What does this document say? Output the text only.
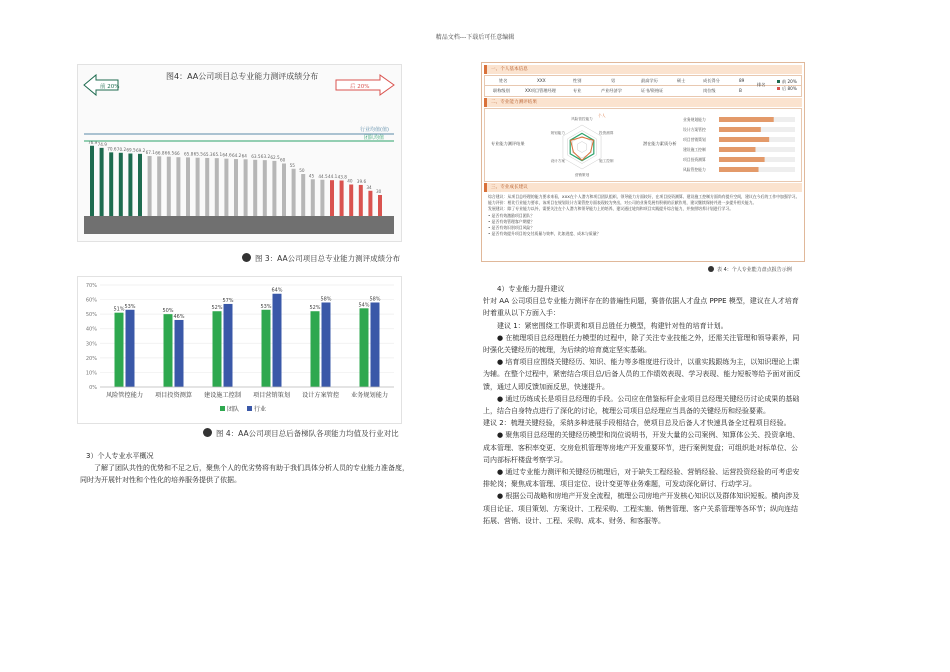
精品文档---下载后可任意编辑
前 20%
图4：AA公司项目总专业能力测评成绩分布
后 20%
76.9 74.9
70.6 70.2 69.5 69.2 67.1 66.8 66.5 66 65.8 65.5 65.3 65.1 64.6 64.2 64 63.5 63.2 62.5
60
55
50
45 44.5 44.1 43.8
40 39.6
34
30
行业均值(值)
团队均值
图 3：AA公司项目总专业能力测评成绩分布
0%
10%
20%
30%
40%
50%
60%
70%
51% 53%
风险管控能力
50%
46%
项目投资测算
52%
57%
建设施工控制
53%
64%
项目营销策划
52%
58%
设计方案管控
54%
58%
业务规划能力
团队 行业
图 4：AA公司项目总后备梯队各项能力均值及行业对比

3）个人专业水平概况

了解了团队共性的优势和不足之后，聚焦个人的优劣势将有助于我们具体分析人员的专业能力准备度，同时为开展针对性和个性化的培养服务提供了依据。

一、个人基本信息
姓名	XXX	性别	男	最高学历	硕士	成长得分	89
排名
职称级别	XX项目管理经理	专业	产业经济学	证书/资格证	岗位级	B
前 20%
后 80%
二、专业能力测评结果
专业能力测评结果
风险管控能力
投资测算
施工控制
营销策划
设计方案
规划能力
个人
潜在能力素质分析
业务规划能力
设计方案管控
项目营销策划
建设施工控制
项目投资测算
风险管控能力
三、专业成长建议

综合建议：从项目总经理的能力要求来看，XXX在个人潜力和项目团队组织、领导能力方面较好，在项目投资测算、建设施工控制方面尚有提升空间，建议在今后的工作中加强学习。

能力评价：相比行业能力要求，该项目在规划设计方案管控方面表现较为突出，对公司的业务发展有积极的贡献作用，建议继续保持并进一步提升相关能力。

发展建议：除了专业能力以外，需要关注在个人潜力和领导能力上的培养，建议通过轮岗和项目实践提升综合能力，并按照培养计划进行学习。

• 是否有效激励项目团队？

• 是否有效管理客户期望？

• 是否有效识别项目风险？

• 是否有效提升项目的交付质量与效率，比如进度、成本与质量？

表 4：个人专业能力盘点报告示例

4）专业能力提升建议

针对 AA 公司项目总专业能力测评存在的普遍性问题，赛普依据人才盘点 PPPE 模型，建议在人才培育时着重从以下方面入手：

建议 1：紧密围绕工作职责和项目总胜任力模型，构建针对性的培育计划。

● 在梳理项目总经理胜任力模型的过程中，除了关注专业技能之外，还需关注管理和领导素养，同时强化关键经历的梳理，为后续的培育奠定坚实基础。

● 培育项目应围绕关键经历、知识、能力等多维度进行设计，以重实践跟练为主，以知识理论上课为辅。在整个过程中，紧密结合项目总/后备人员的工作绩效表现、学习表现、能力短板等给予面对面反馈，通过人即反馈加面反思，快速提升。

● 通过历练成长是项目总经理的手段。公司应在借鉴标杆企业项目总经理关键经历讨论成果的基础上，结合自身特点进行了深化的讨论，梳理公司项目总经理应当具备的关键经历和经验要素。

建议 2：梳理关键经验，采纳多种进展手段相结合，使项目总及后备人才快速具备全过程项目经验。

● 聚焦项目总经理的关键经历模型和岗位说明书，开发大量的公司案例、知算体公关、投资拿地、成本管理、客积率变更、交房危机管理等房地产开发重要环节，进行案例复盘；可组织赴对标单位、公司内部标杆楼盘考察学习。

● 通过专业能力测评和关键经历梳理后，对于缺失工程经验、营销经验、运营投资经验的可考虑安排轮岗；聚焦成本管理、项目定位、设计变更等业务难题，可发动深化研讨、行动学习。

● 根据公司战略和房地产开发全流程，梳理公司房地产开发核心知识以及群体知识短板。横向涉及项目论证、项目策划、方案设计、工程采购、工程实施、销售管理、客户关系管理等各环节；纵向连结拓展、营销、设计、工程、采购、成本、财务、和客服等。
